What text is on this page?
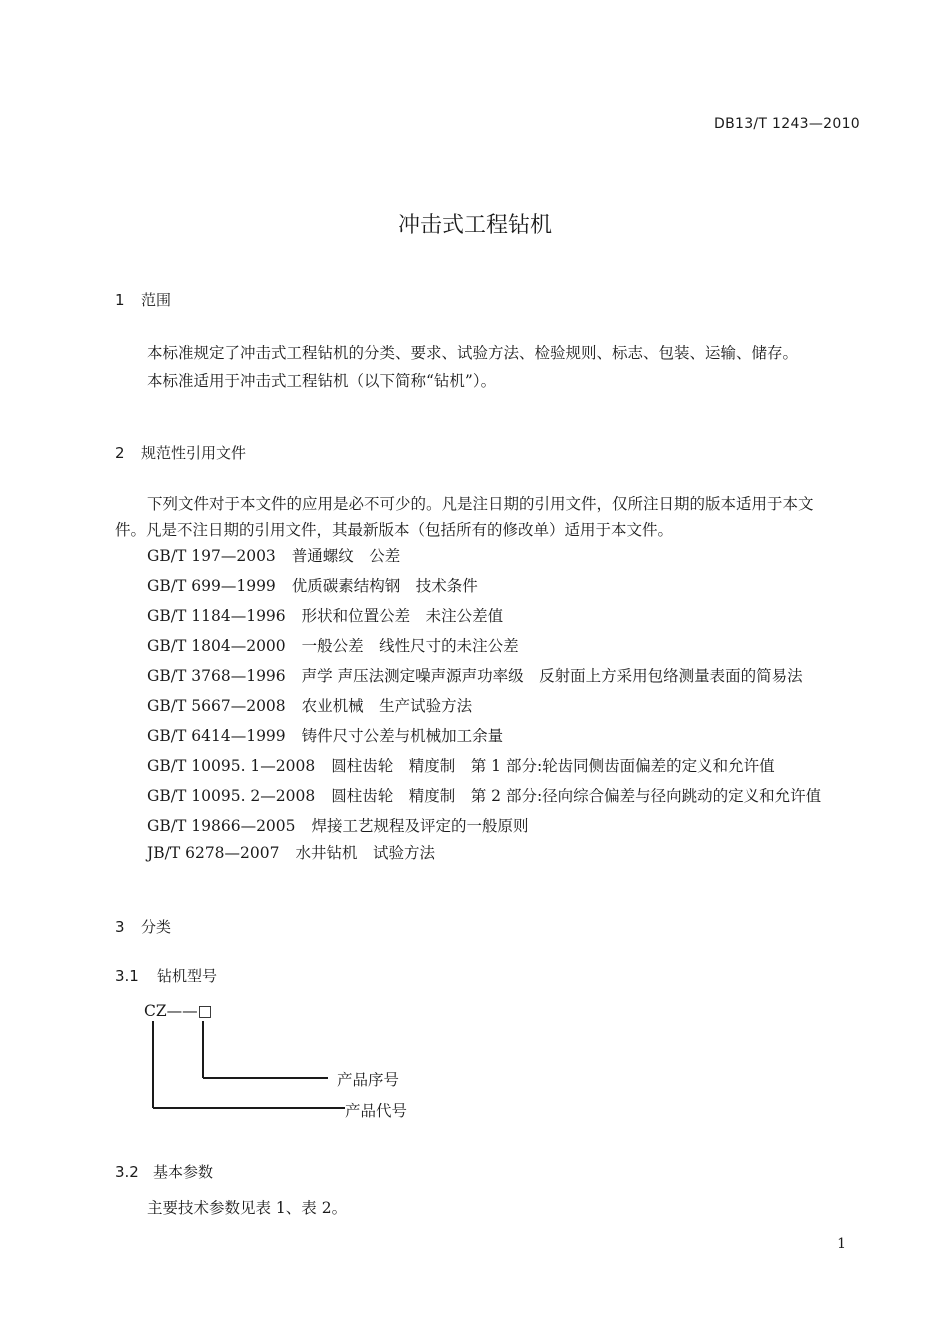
DB13/T 1243—2010
冲击式工程钻机
1 范围
本标准规定了冲击式工程钻机的分类、要求、试验方法、检验规则、标志、包装、运输、储存。
本标准适用于冲击式工程钻机（以下简称“钻机”）。
2 规范性引用文件
下列文件对于本文件的应用是必不可少的。凡是注日期的引用文件，仅所注日期的版本适用于本文
件。凡是不注日期的引用文件，其最新版本（包括所有的修改单）适用于本文件。
GB/T 197—2003 普通螺纹　公差
GB/T 699—1999 优质碳素结构钢　技术条件
GB/T 1184—1996 形状和位置公差　未注公差值
GB/T 1804—2000 一般公差　线性尺寸的未注公差
GB/T 3768—1996 声学 声压法测定噪声源声功率级　反射面上方采用包络测量表面的简易法
GB/T 5667—2008 农业机械　生产试验方法
GB/T 6414—1999 铸件尺寸公差与机械加工余量
GB/T 10095. 1—2008 圆柱齿轮　精度制　第 1 部分:轮齿同侧齿面偏差的定义和允许值
GB/T 10095. 2—2008 圆柱齿轮　精度制　第 2 部分:径向综合偏差与径向跳动的定义和允许值
GB/T 19866—2005 焊接工艺规程及评定的一般原则
JB/T 6278—2007 水井钻机　试验方法
3 分类
3.1 钻机型号
CZ——□
产品序号
产品代号
3.2 基本参数
主要技术参数见表 1、表 2。
1
